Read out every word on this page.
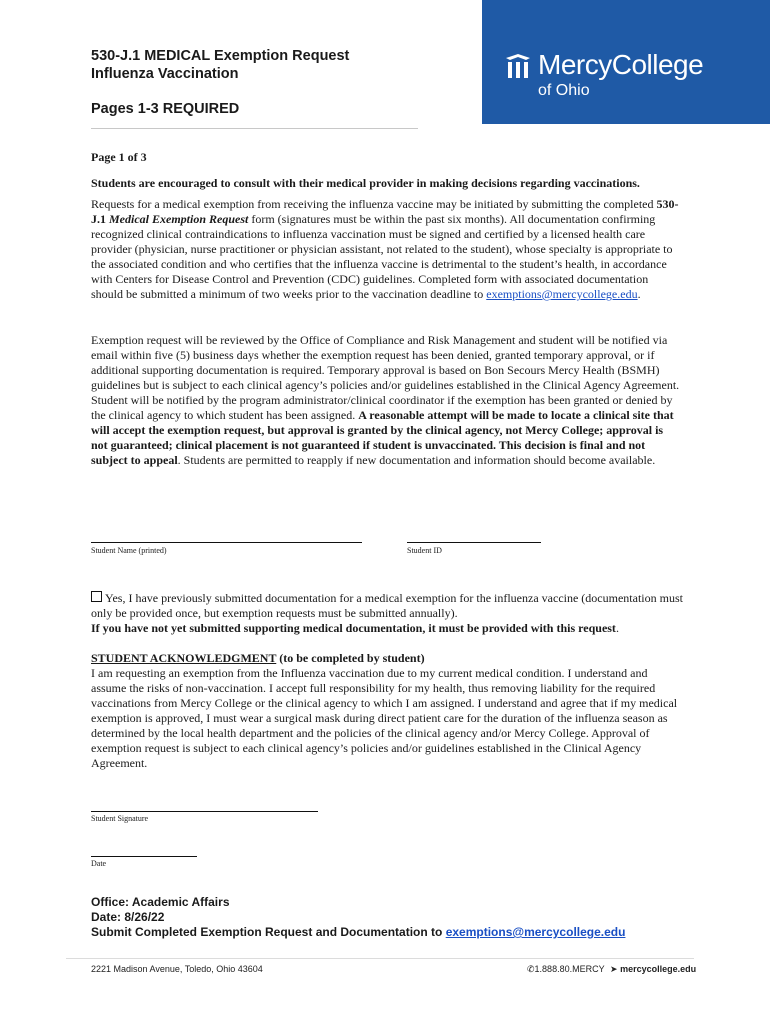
530-J.1 MEDICAL Exemption Request
Influenza Vaccination
Pages 1-3 REQUIRED
MercyCollege
of Ohio
Page 1 of 3
Students are encouraged to consult with their medical provider in making decisions regarding vaccinations.
Requests for a medical exemption from receiving the influenza vaccine may be initiated by submitting the completed 530-J.1 Medical Exemption Request form (signatures must be within the past six months). All documentation confirming recognized clinical contraindications to influenza vaccination must be signed and certified by a licensed health care provider (physician, nurse practitioner or physician assistant, not related to the student), whose specialty is appropriate to the associated condition and who certifies that the influenza vaccine is detrimental to the student’s health, in accordance with Centers for Disease Control and Prevention (CDC) guidelines. Completed form with associated documentation should be submitted a minimum of two weeks prior to the vaccination deadline to exemptions@mercycollege.edu.
Exemption request will be reviewed by the Office of Compliance and Risk Management and student will be notified via email within five (5) business days whether the exemption request has been denied, granted temporary approval, or if additional supporting documentation is required. Temporary approval is based on Bon Secours Mercy Health (BSMH) guidelines but is subject to each clinical agency’s policies and/or guidelines established in the Clinical Agency Agreement. Student will be notified by the program administrator/clinical coordinator if the exemption has been granted or denied by the clinical agency to which student has been assigned. A reasonable attempt will be made to locate a clinical site that will accept the exemption request, but approval is granted by the clinical agency, not Mercy College; approval is not guaranteed; clinical placement is not guaranteed if student is unvaccinated. This decision is final and not subject to appeal. Students are permitted to reapply if new documentation and information should become available.
Student Name (printed)	Student ID
Yes, I have previously submitted documentation for a medical exemption for the influenza vaccine (documentation must only be provided once, but exemption requests must be submitted annually).
If you have not yet submitted supporting medical documentation, it must be provided with this request.
STUDENT ACKNOWLEDGMENT (to be completed by student)
I am requesting an exemption from the Influenza vaccination due to my current medical condition. I understand and assume the risks of non-vaccination. I accept full responsibility for my health, thus removing liability for the required vaccinations from Mercy College or the clinical agency to which I am assigned. I understand and agree that if my medical exemption is approved, I must wear a surgical mask during direct patient care for the duration of the influenza season as determined by the local health department and the policies of the clinical agency and/or Mercy College. Approval of exemption request is subject to each clinical agency’s policies and/or guidelines established in the Clinical Agency Agreement.
Student Signature
Date
Office: Academic Affairs
Date: 8/26/22
Submit Completed Exemption Request and Documentation to exemptions@mercycollege.edu
2221 Madison Avenue, Toledo, Ohio 43604	✆1.888.80.MERCY ➤ mercycollege.edu
